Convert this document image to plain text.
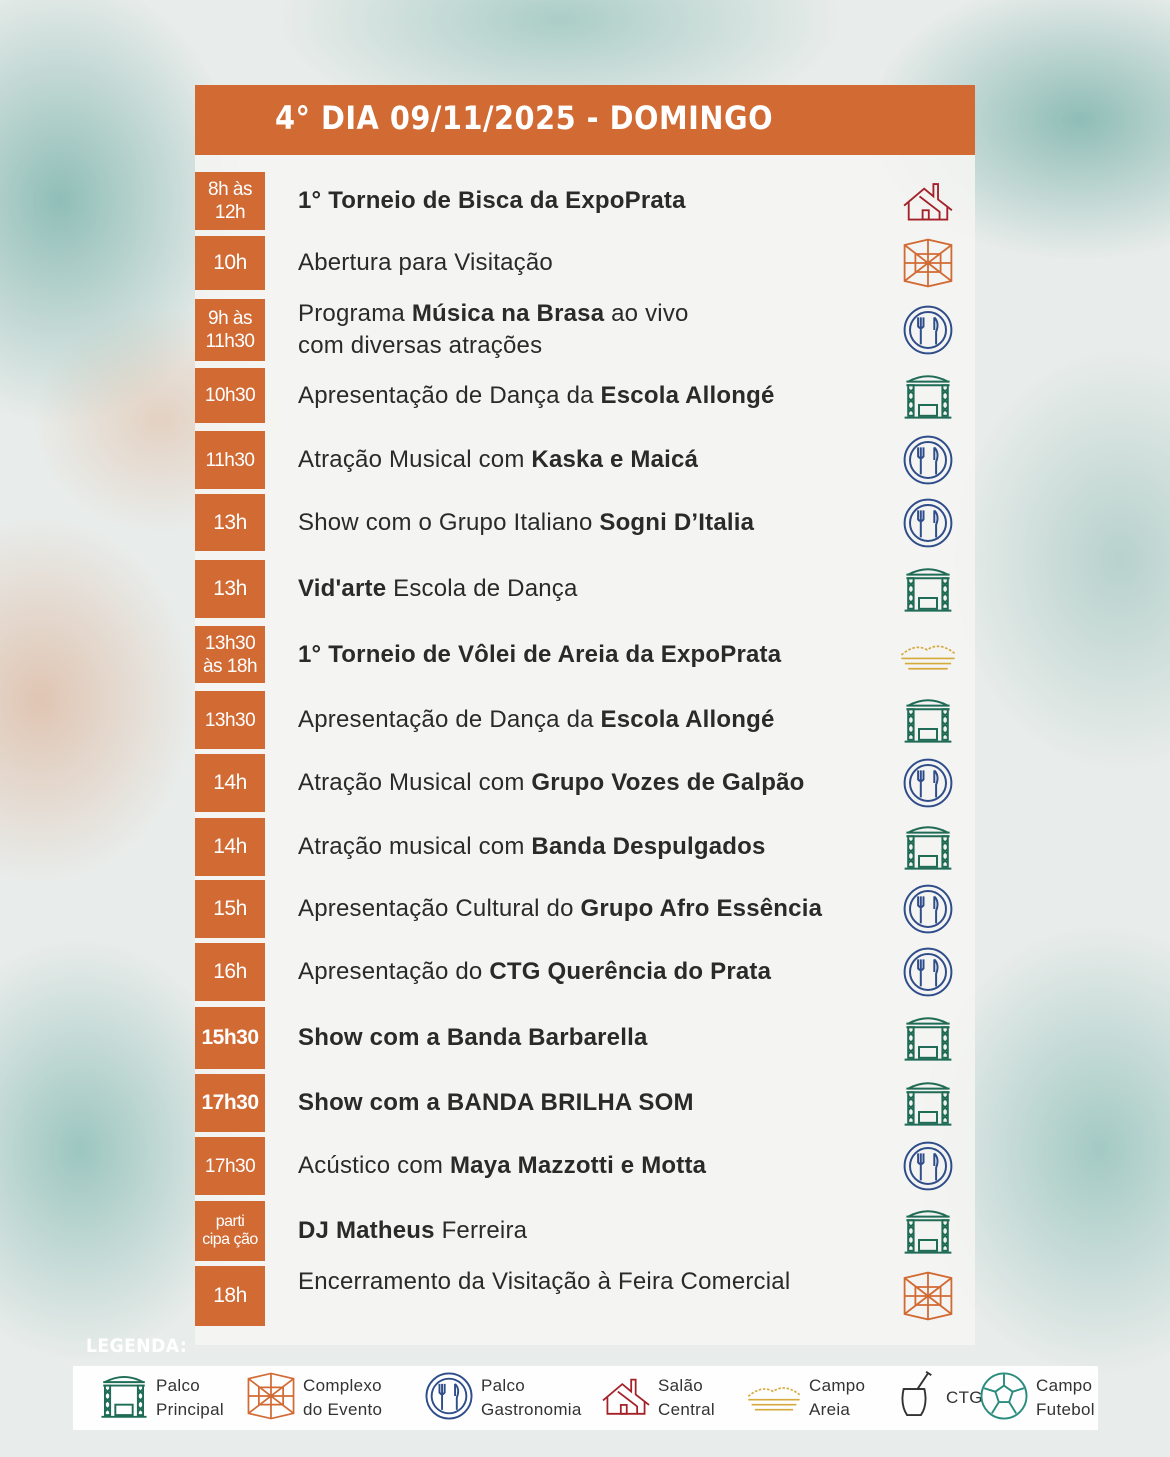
4° DIA 09/11/2025 - DOMINGO
8h às 12h	1° Torneio de Bisca da ExpoPrata
10h Abertura para Visitação
9h às 11h30
Programa Música na Brasa ao vivo
com diversas atrações
10h30 Apresentação de Dança da Escola Allongé
11h30 Atração Musical com Kaska e Maicá
13h Show com o Grupo Italiano Sogni D’Italia
13h Vid'arte Escola de Dança
13h30 às 18h 1° Torneio de Vôlei de Areia da ExpoPrata
13h30 Apresentação de Dança da Escola Allongé
14h Atração Musical com Grupo Vozes de Galpão
14h Atração musical com Banda Despulgados
15h Apresentação Cultural do Grupo Afro Essência
16h Apresentação do CTG Querência do Prata
15h30 Show com a Banda Barbarella
17h30 Show com a BANDA BRILHA SOM
17h30 Acústico com Maya Mazzotti e Motta
parti cipa ção DJ Matheus Ferreira
18h
Encerramento da Visitação à Feira Comercial
LEGENDA:
Palco Principal
Complexo do Evento
Palco Gastronomia
Salão Central
Campo Areia
CTG
Campo Futebol
